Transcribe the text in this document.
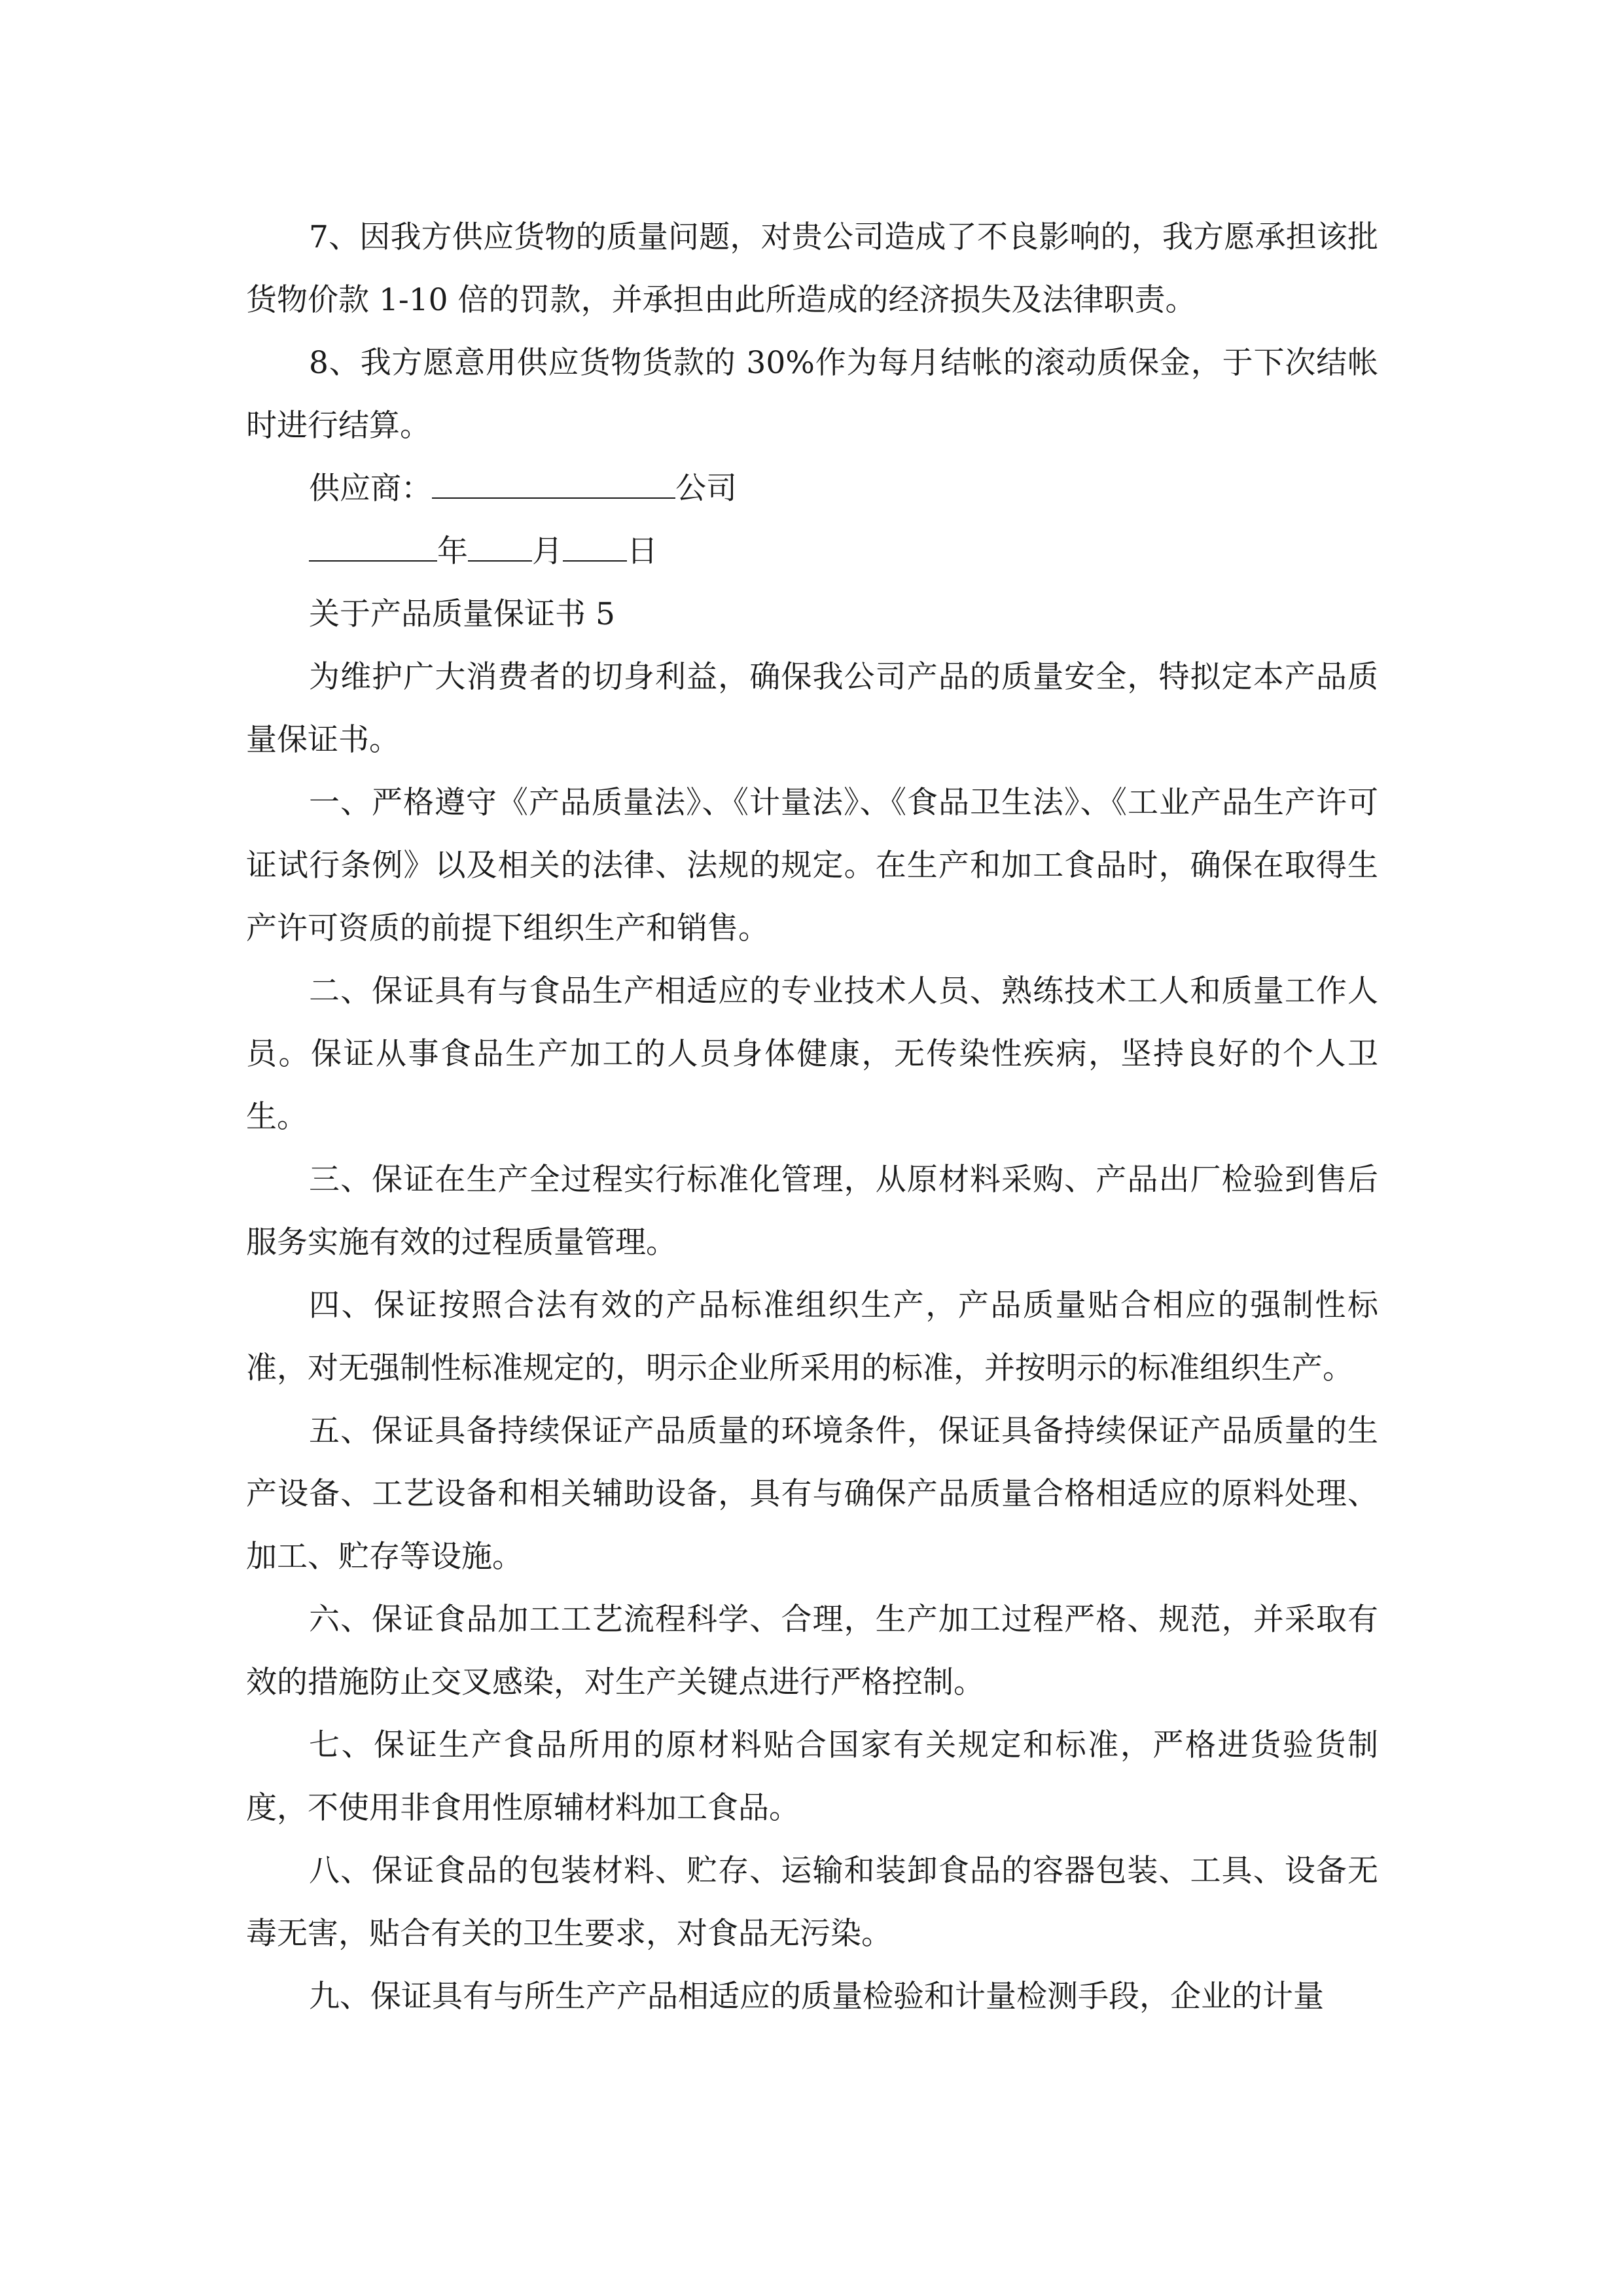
7、因我方供应货物的质量问题，对贵公司造成了不良影响的，我方愿承担该批货物价款 1-10 倍的罚款，并承担由此所造成的经济损失及法律职责。

8、我方愿意用供应货物货款的 30%作为每月结帐的滚动质保金，于下次结帐时进行结算。

供应商：	公司

年 月 日

关于产品质量保证书 5

为维护广大消费者的切身利益，确保我公司产品的质量安全，特拟定本产品质量保证书。

一、严格遵守《产品质量法》、《计量法》、《食品卫生法》、《工业产品生产许可证试行条例》以及相关的法律、法规的规定。在生产和加工食品时，确保在取得生产许可资质的前提下组织生产和销售。

二、保证具有与食品生产相适应的专业技术人员、熟练技术工人和质量工作人员。保证从事食品生产加工的人员身体健康，无传染性疾病，坚持良好的个人卫生。

三、保证在生产全过程实行标准化管理，从原材料采购、产品出厂检验到售后服务实施有效的过程质量管理。

四、保证按照合法有效的产品标准组织生产，产品质量贴合相应的强制性标准，对无强制性标准规定的，明示企业所采用的标准，并按明示的标准组织生产。

五、保证具备持续保证产品质量的环境条件，保证具备持续保证产品质量的生产设备、工艺设备和相关辅助设备，具有与确保产品质量合格相适应的原料处理、加工、贮存等设施。

六、保证食品加工工艺流程科学、合理，生产加工过程严格、规范，并采取有效的措施防止交叉感染，对生产关键点进行严格控制。

七、保证生产食品所用的原材料贴合国家有关规定和标准，严格进货验货制度，不使用非食用性原辅材料加工食品。

八、保证食品的包装材料、贮存、运输和装卸食品的容器包装、工具、设备无毒无害，贴合有关的卫生要求，对食品无污染。

九、保证具有与所生产产品相适应的质量检验和计量检测手段，企业的计量
